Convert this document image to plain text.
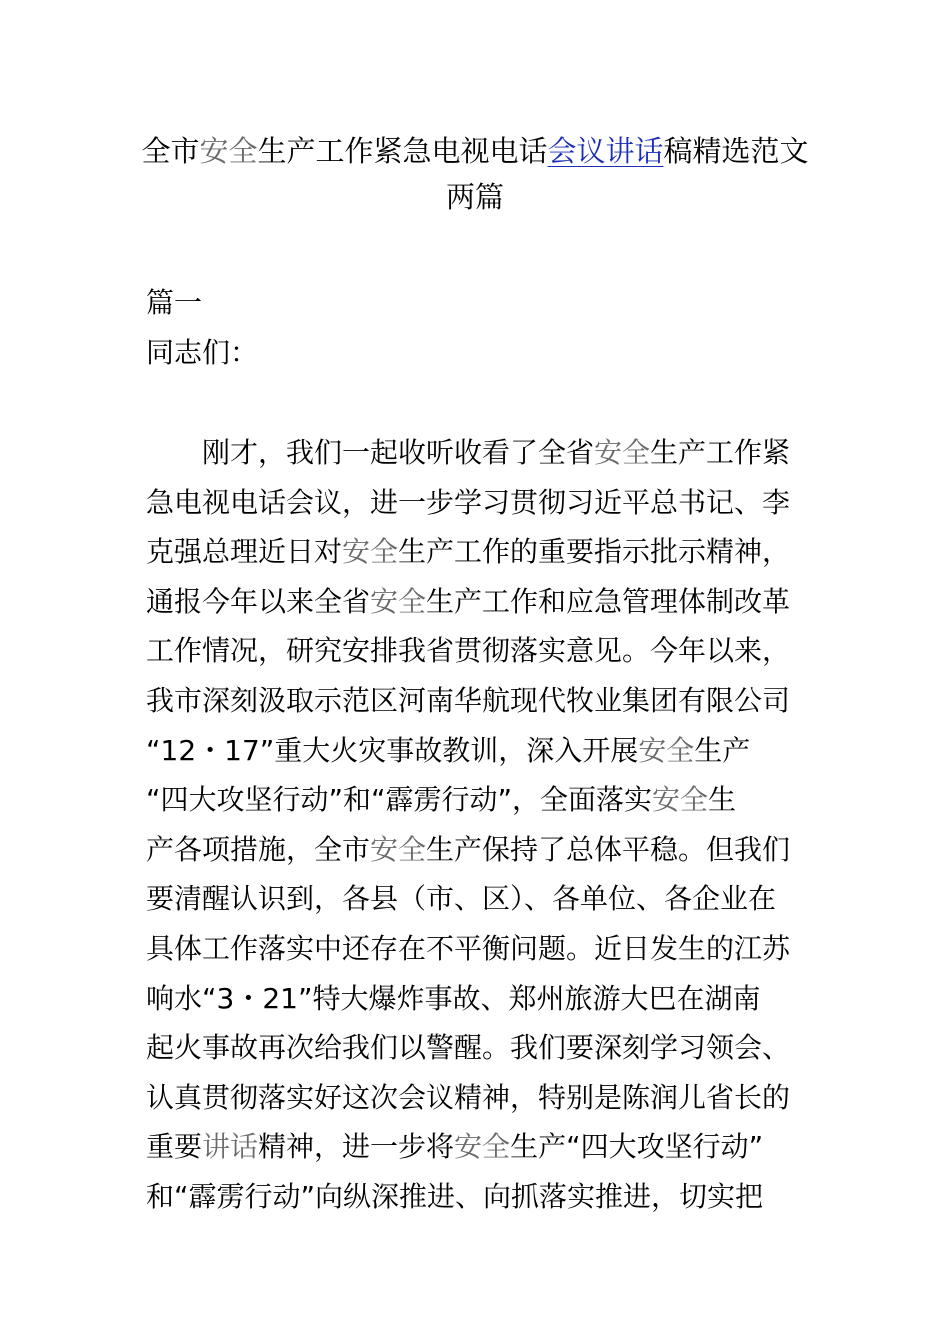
全市安全生产工作紧急电视电话会议讲话稿精选范文
两篇
篇一
同志们：
　　刚才，我们一起收听收看了全省安全生产工作紧
急电视电话会议，进一步学习贯彻习近平总书记、李
克强总理近日对安全生产工作的重要指示批示精神，
通报今年以来全省安全生产工作和应急管理体制改革
工作情况，研究安排我省贯彻落实意见。今年以来，
我市深刻汲取示范区河南华航现代牧业集团有限公司
“12・17”重大火灾事故教训，深入开展安全生产
“四大攻坚行动”和“霹雳行动”，全面落实安全生
产各项措施，全市安全生产保持了总体平稳。但我们
要清醒认识到，各县（市、区）、各单位、各企业在
具体工作落实中还存在不平衡问题。近日发生的江苏
响水“3・21”特大爆炸事故、郑州旅游大巴在湖南
起火事故再次给我们以警醒。我们要深刻学习领会、
认真贯彻落实好这次会议精神，特别是陈润儿省长的
重要讲话精神，进一步将安全生产“四大攻坚行动”
和“霹雳行动”向纵深推进、向抓落实推进，切实把
